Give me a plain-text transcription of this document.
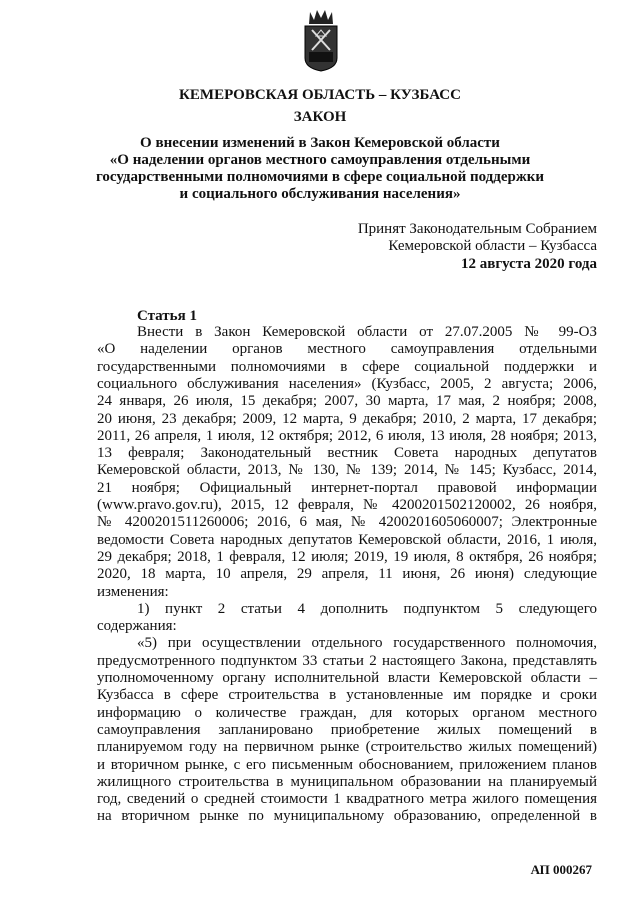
КЕМЕРОВСКАЯ ОБЛАСТЬ – КУЗБАСС
ЗАКОН
О внесении изменений в Закон Кемеровской области
«О наделении органов местного самоуправления отдельными
государственными полномочиями в сфере социальной поддержки
и социального обслуживания населения»
Принят Законодательным Собранием
Кемеровской области – Кузбасса
12 августа 2020 года
Статья 1
Внести в Закон Кемеровской области от 27.07.2005 № 99-ОЗ
«О наделении органов местного самоуправления отдельными
государственными полномочиями в сфере социальной поддержки и
социального обслуживания населения» (Кузбасс, 2005, 2 августа; 2006,
24 января, 26 июля, 15 декабря; 2007, 30 марта, 17 мая, 2 ноября; 2008,
20 июня, 23 декабря; 2009, 12 марта, 9 декабря; 2010, 2 марта, 17 декабря;
2011, 26 апреля, 1 июля, 12 октября; 2012, 6 июля, 13 июля, 28 ноября; 2013,
13 февраля; Законодательный вестник Совета народных депутатов
Кемеровской области, 2013, № 130, № 139; 2014, № 145; Кузбасс, 2014,
21 ноября; Официальный интернет-портал правовой информации
(www.pravo.gov.ru), 2015, 12 февраля, № 4200201502120002, 26 ноября,
№ 4200201511260006; 2016, 6 мая, № 4200201605060007; Электронные
ведомости Совета народных депутатов Кемеровской области, 2016, 1 июля,
29 декабря; 2018, 1 февраля, 12 июля; 2019, 19 июля, 8 октября, 26 ноября;
2020, 18 марта, 10 апреля, 29 апреля, 11 июня, 26 июня) следующие
изменения:
1) пункт 2 статьи 4 дополнить подпунктом 5 следующего
содержания:
«5) при осуществлении отдельного государственного полномочия,
предусмотренного подпунктом 33 статьи 2 настоящего Закона, представлять
уполномоченному органу исполнительной власти Кемеровской области –
Кузбасса в сфере строительства в установленные им порядке и сроки
информацию о количестве граждан, для которых органом местного
самоуправления запланировано приобретение жилых помещений в
планируемом году на первичном рынке (строительство жилых помещений)
и вторичном рынке, с его письменным обоснованием, приложением планов
жилищного строительства в муниципальном образовании на планируемый
год, сведений о средней стоимости 1 квадратного метра жилого помещения
на вторичном рынке по муниципальному образованию, определенной в
АП 000267
